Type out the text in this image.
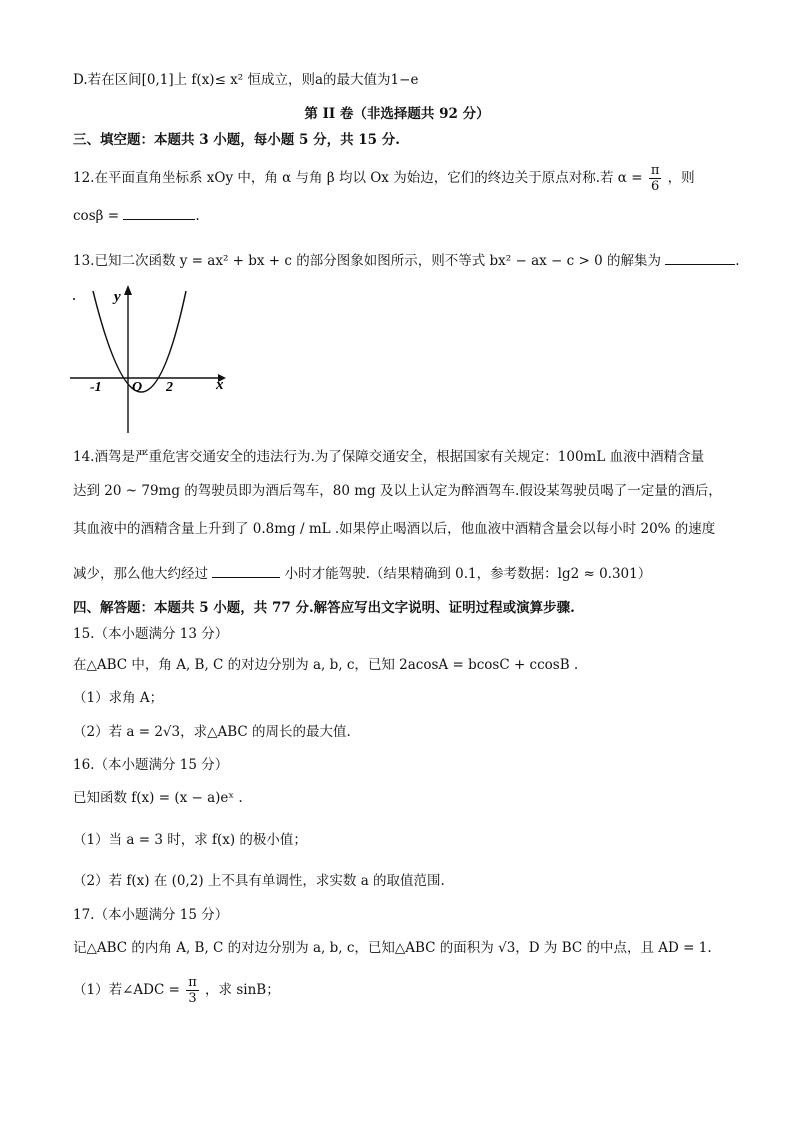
D.若在区间[0,1]上 f(x)≤ x² 恒成立，则a的最大值为1−e
第 II 卷（非选择题共 92 分）
三、填空题：本题共 3 小题，每小题 5 分，共 15 分.
12.在平面直角坐标系 xOy 中，角 α 与角 β 均以 Ox 为始边，它们的终边关于原点对称.若 $\alpha = \frac{\pi}{6}$ ，则
cosβ =	.
13.已知二次函数 y = ax² + bx + c 的部分图象如图所示，则不等式 bx² − ax − c > 0 的解集为	.
x
y
-1 O 2
14.酒驾是严重危害交通安全的违法行为.为了保障交通安全，根据国家有关规定：100mL 血液中酒精含量
达到 20 ~ 79mg 的驾驶员即为酒后驾车，80 mg 及以上认定为醉酒驾车.假设某驾驶员喝了一定量的酒后，
其血液中的酒精含量上升到了 0.8mg / mL .如果停止喝酒以后，他血液中酒精含量会以每小时 20% 的速度
减少，那么他大约经过	小时才能驾驶.（结果精确到 0.1，参考数据：lg2 ≈ 0.301）
四、解答题：本题共 5 小题，共 77 分.解答应写出文字说明、证明过程或演算步骤.
15.（本小题满分 13 分）
在△ABC 中，角 A, B, C 的对边分别为 a, b, c，已知 2acosA = bcosC + ccosB .
（1）求角 A；
（2）若 a = 2√3，求△ABC 的周长的最大值.
16.（本小题满分 15 分）
已知函数 f(x) = (x − a)eˣ .
（1）当 a = 3 时，求 f(x) 的极小值；
（2）若 f(x) 在 (0,2) 上不具有单调性，求实数 a 的取值范围.
17.（本小题满分 15 分）
记△ABC 的内角 A, B, C 的对边分别为 a, b, c，已知△ABC 的面积为 √3，D 为 BC 的中点，且 AD = 1.
（1）若∠ADC = $\frac{\pi}{3}$ ，求 sinB；
